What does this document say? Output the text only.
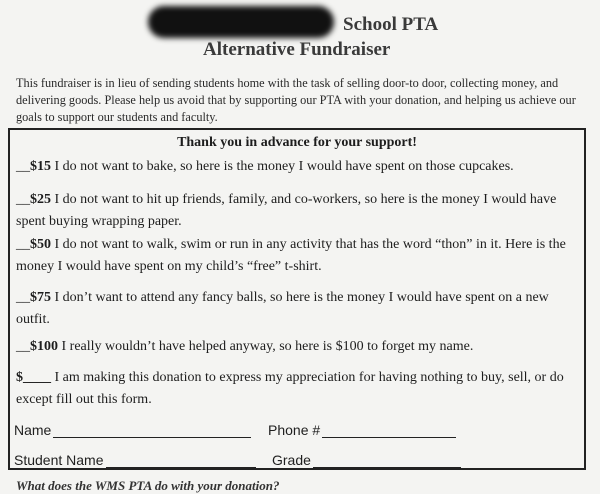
School PTA
Alternative Fundraiser
This fundraiser is in lieu of sending students home with the task of selling door-to door, collecting money, and delivering goods. Please help us avoid that by supporting our PTA with your donation, and helping us achieve our goals to support our students and faculty.
Thank you in advance for your support!
__$15 I do not want to bake, so here is the money I would have spent on those cupcakes.
__$25 I do not want to hit up friends, family, and co-workers, so here is the money I would have spent buying wrapping paper.
__$50 I do not want to walk, swim or run in any activity that has the word “thon” in it. Here is the money I would have spent on my child’s “free” t-shirt.
__$75 I don’t want to attend any fancy balls, so here is the money I would have spent on a new outfit.
__$100 I really wouldn’t have helped anyway, so here is $100 to forget my name.
$____ I am making this donation to express my appreciation for having nothing to buy, sell, or do except fill out this form.
Name	Phone #
Student Name	Grade
What does the WMS PTA do with your donation?
